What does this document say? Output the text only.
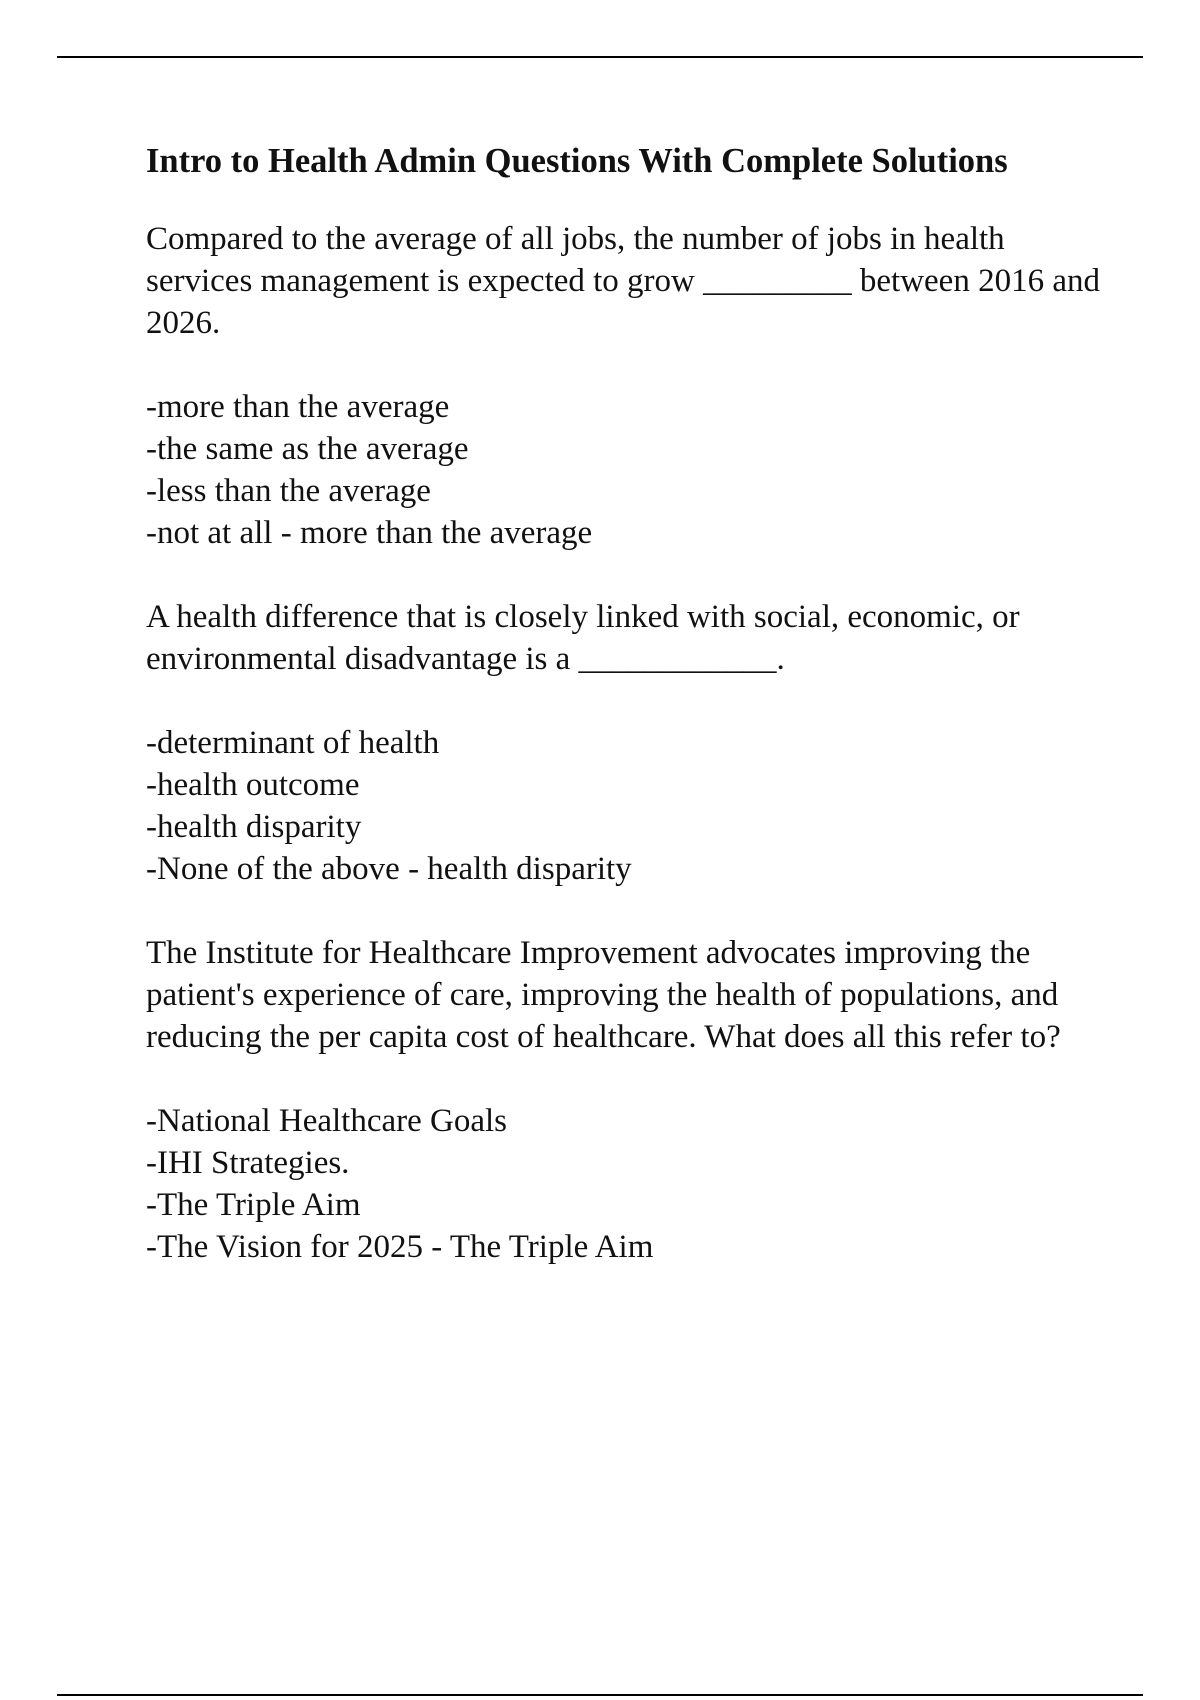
Intro to Health Admin Questions With Complete Solutions

Compared to the average of all jobs, the number of jobs in health services management is expected to grow _________ between 2016 and 2026.

-more than the average
-the same as the average
-less than the average
-not at all - more than the average

A health difference that is closely linked with social, economic, or environmental disadvantage is a ____________.

-determinant of health
-health outcome
-health disparity
-None of the above - health disparity

The Institute for Healthcare Improvement advocates improving the patient's experience of care, improving the health of populations, and reducing the per capita cost of healthcare. What does all this refer to?

-National Healthcare Goals
-IHI Strategies.
-The Triple Aim
-The Vision for 2025 - The Triple Aim
